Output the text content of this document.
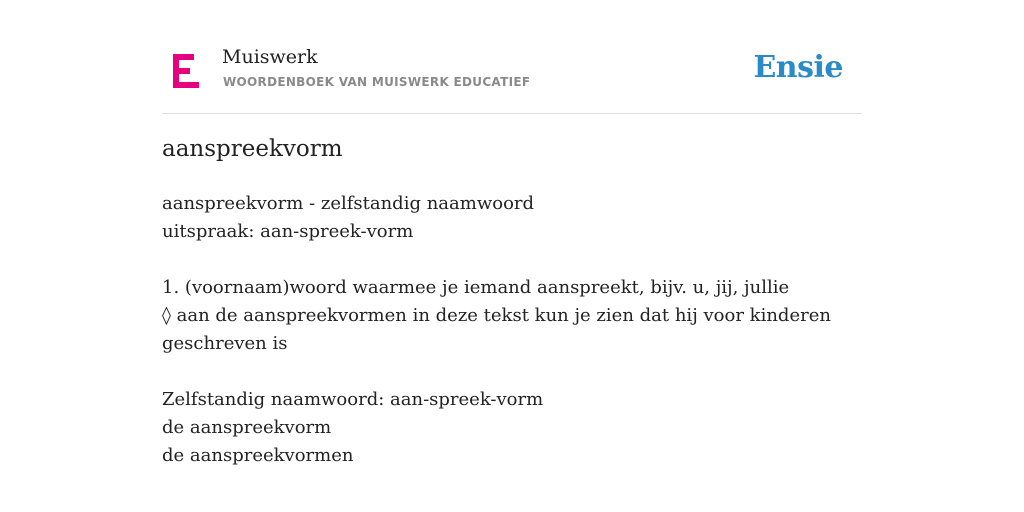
Muiswerk
WOORDENBOEK VAN MUISWERK EDUCATIEF	Ensie
aanspreekvorm
aanspreekvorm - zelfstandig naamwoord
uitspraak: aan-spreek-vorm
1. (voornaam)woord waarmee je iemand aanspreekt, bijv. u, jij, jullie
◊ aan de aanspreekvormen in deze tekst kun je zien dat hij voor kinderen
geschreven is
Zelfstandig naamwoord: aan-spreek-vorm
de aanspreekvorm
de aanspreekvormen
